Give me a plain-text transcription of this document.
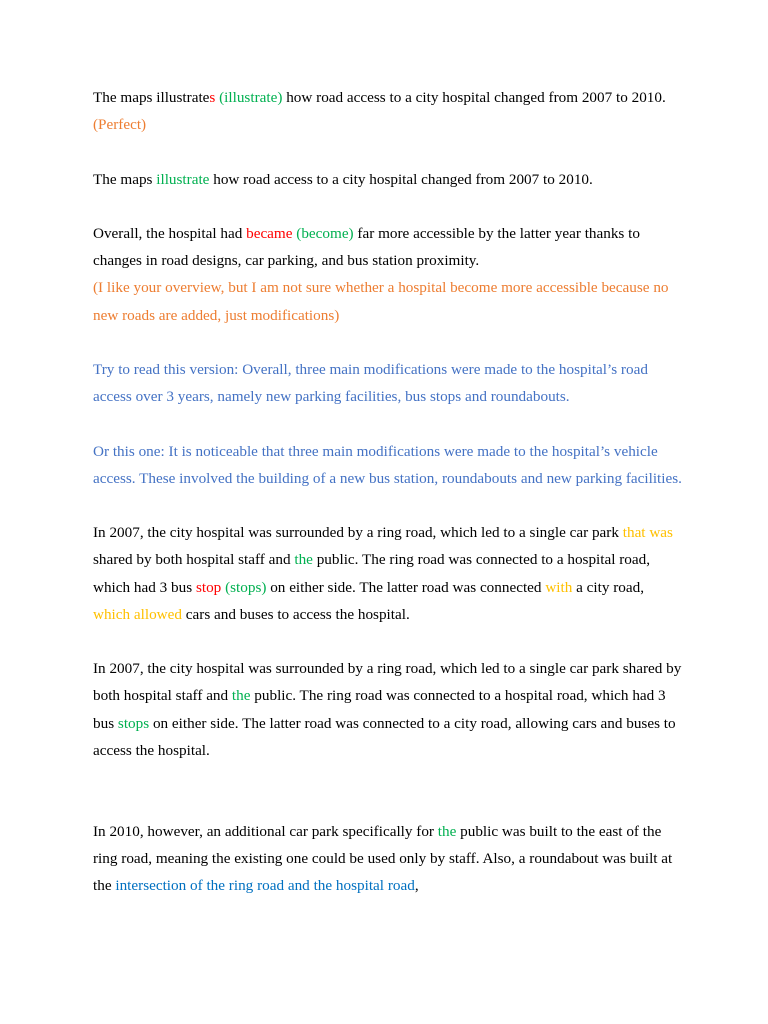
The maps illustrates (illustrate) how road access to a city hospital changed from 2007 to 2010. (Perfect)

The maps illustrate how road access to a city hospital changed from 2007 to 2010.

Overall, the hospital had became (become) far more accessible by the latter year thanks to changes in road designs, car parking, and bus station proximity.

(I like your overview, but I am not sure whether a hospital become more accessible because no new roads are added, just modifications)

Try to read this version: Overall, three main modifications were made to the hospital’s road access over 3 years, namely new parking facilities, bus stops and roundabouts.

Or this one: It is noticeable that three main modifications were made to the hospital’s vehicle access. These involved the building of a new bus station, roundabouts and new parking facilities.

In 2007, the city hospital was surrounded by a ring road, which led to a single car park that was shared by both hospital staff and the public. The ring road was connected to a hospital road, which had 3 bus stop (stops) on either side. The latter road was connected with a city road, which allowed cars and buses to access the hospital.

In 2007, the city hospital was surrounded by a ring road, which led to a single car park shared by both hospital staff and the public. The ring road was connected to a hospital road, which had 3 bus stops on either side. The latter road was connected to a city road, allowing cars and buses to access the hospital.

In 2010, however, an additional car park specifically for the public was built to the east of the ring road, meaning the existing one could be used only by staff. Also, a roundabout was built at the intersection of the ring road and the hospital road,
